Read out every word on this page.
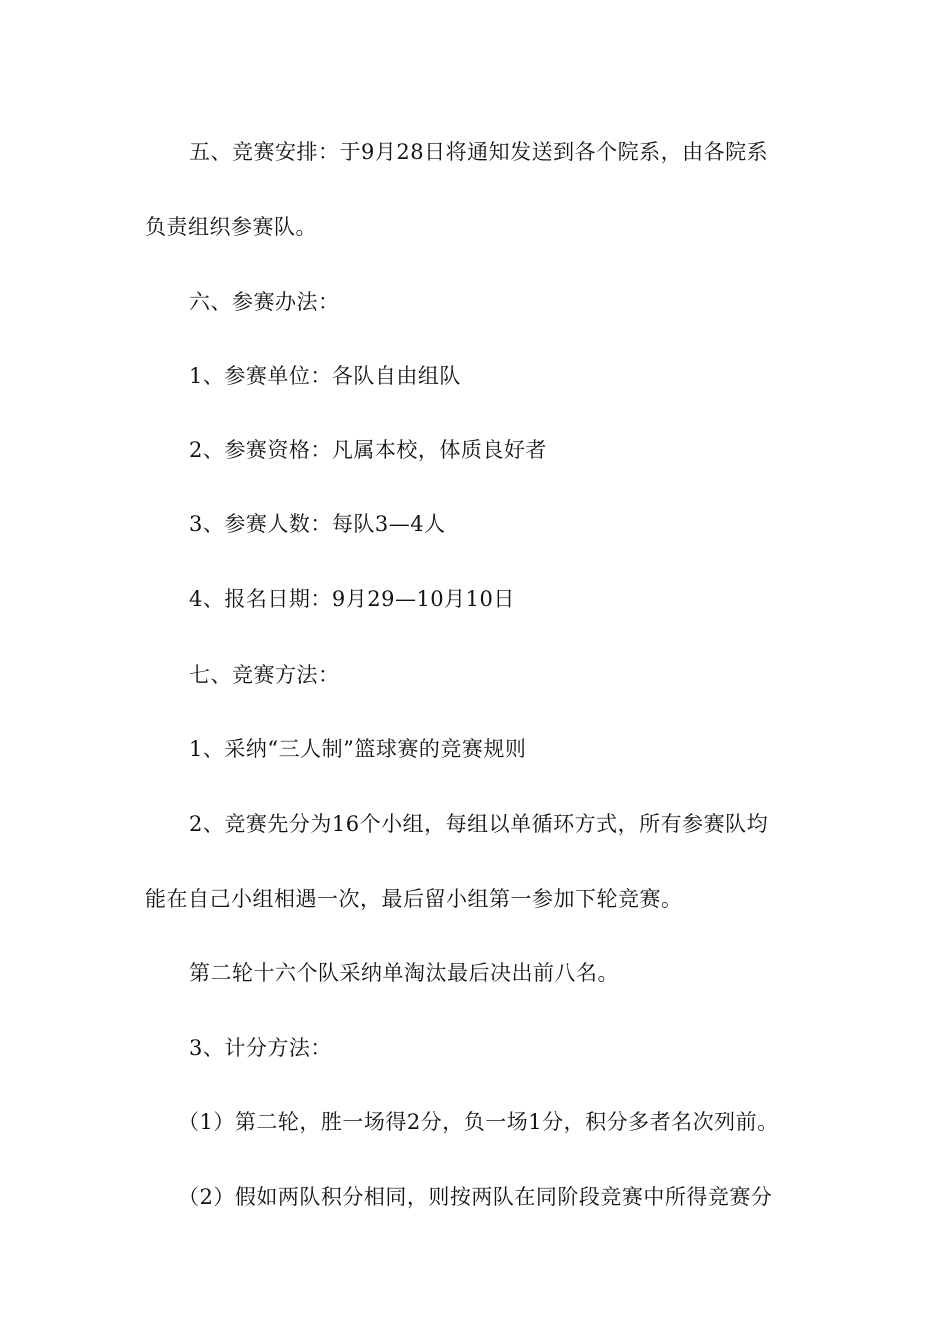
五、竞赛安排：于9月28日将通知发送到各个院系，由各院系
负责组织参赛队。
六、参赛办法：
1、参赛单位：各队自由组队
2、参赛资格：凡属本校，体质良好者
3、参赛人数：每队3—4人
4、报名日期：9月29—10月10日
七、竞赛方法：
1、采纳“三人制”篮球赛的竞赛规则
2、竞赛先分为16个小组，每组以单循环方式，所有参赛队均
能在自己小组相遇一次，最后留小组第一参加下轮竞赛。
第二轮十六个队采纳单淘汰最后决出前八名。
3、计分方法：
（1）第二轮，胜一场得2分，负一场1分，积分多者名次列前。
（2）假如两队积分相同，则按两队在同阶段竞赛中所得竞赛分
